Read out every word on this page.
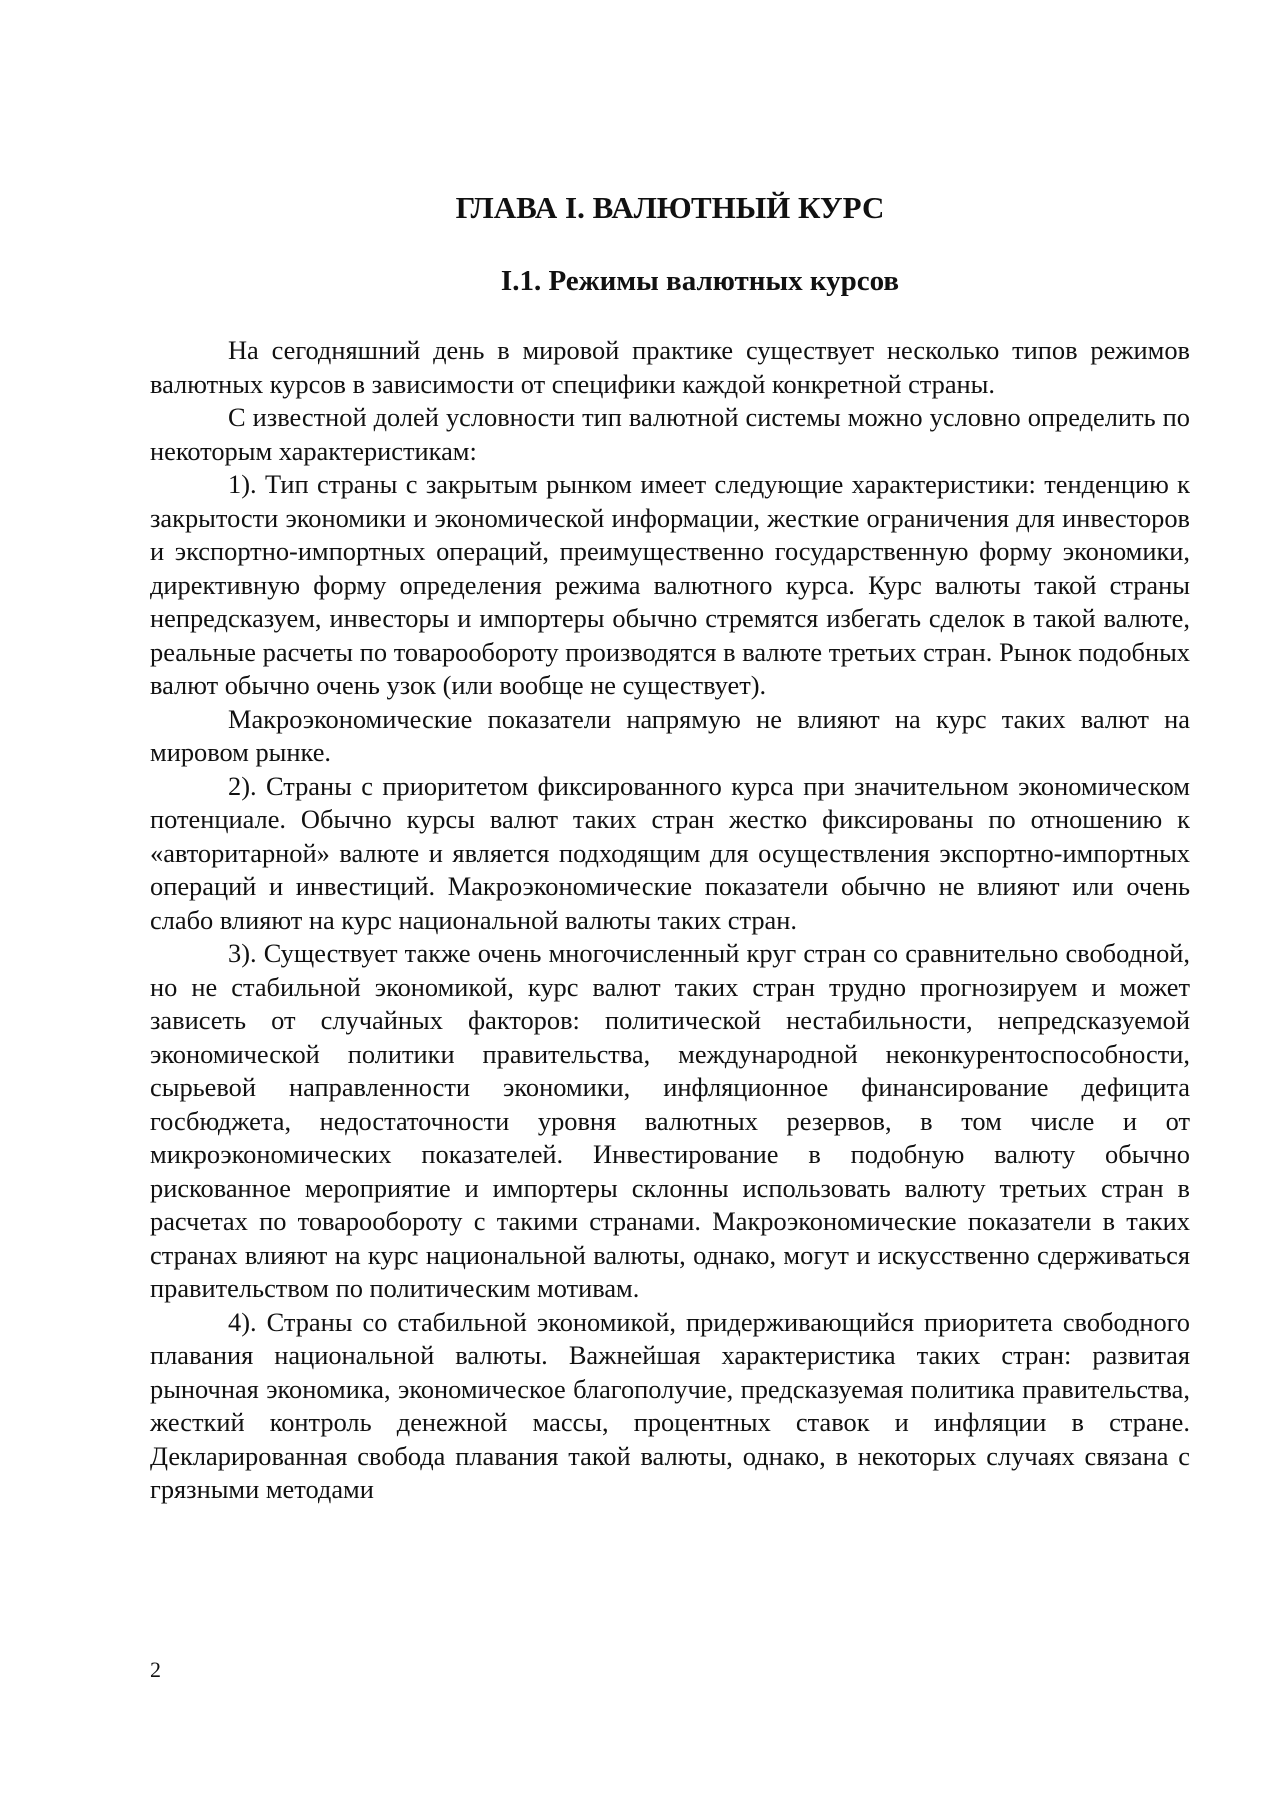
ГЛАВА I. ВАЛЮТНЫЙ КУРС
I.1. Режимы валютных курсов

На сегодняшний день в мировой практике существует несколько типов режимов валютных курсов в зависимости от специфики каждой конкретной страны.

С известной долей условности тип валютной системы можно условно определить по некоторым характеристикам:

1). Тип страны с закрытым рынком имеет следующие характеристики: тенденцию к закрытости экономики и экономической информации, жесткие ограничения для инвесторов и экспортно-импортных операций, преимущественно государственную форму экономики, директивную форму определения режима валютного курса. Курс валюты такой страны непредсказуем, инвесторы и импортеры обычно стремятся избегать сделок в такой валюте, реальные расчеты по товарообороту производятся в валюте третьих стран. Рынок подобных валют обычно очень узок (или вообще не существует).

Макроэкономические показатели напрямую не влияют на курс таких валют на мировом рынке.

2). Страны с приоритетом фиксированного курса при значительном экономическом потенциале. Обычно курсы валют таких стран жестко фиксированы по отношению к «авторитарной» валюте и является подходящим для осуществления экспортно-импортных операций и инвестиций. Макроэкономические показатели обычно не влияют или очень слабо влияют на курс национальной валюты таких стран.

3). Существует также очень многочисленный круг стран со сравнительно свободной, но не стабильной экономикой, курс валют таких стран трудно прогнозируем и может зависеть от случайных факторов: политической нестабильности, непредсказуемой экономической политики правительства, международной неконкурентоспособности, сырьевой направленности экономики, инфляционное финансирование дефицита госбюджета, недостаточности уровня валютных резервов, в том числе и от микроэкономических показателей. Инвестирование в подобную валюту обычно рискованное мероприятие и импортеры склонны использовать валюту третьих стран в расчетах по товарообороту с такими странами. Макроэкономические показатели в таких странах влияют на курс национальной валюты, однако, могут и искусственно сдерживаться правительством по политическим мотивам.

4). Страны со стабильной экономикой, придерживающийся приоритета свободного плавания национальной валюты. Важнейшая характеристика таких стран: развитая рыночная экономика, экономическое благополучие, предсказуемая политика правительства, жесткий контроль денежной массы, процентных ставок и инфляции в стране. Декларированная свобода плавания такой валюты, однако, в некоторых случаях связана с грязными методами

2
